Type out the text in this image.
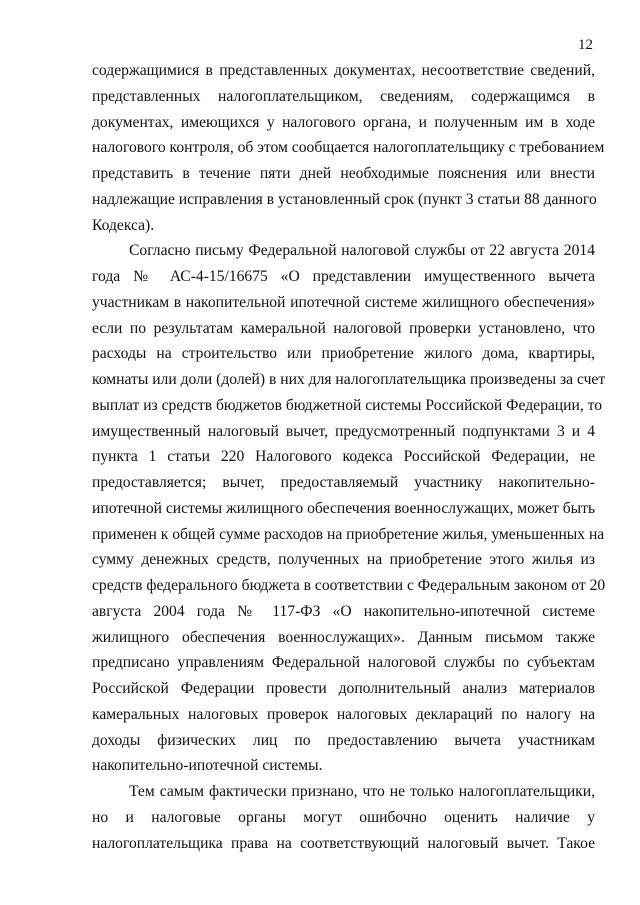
12
содержащимися в представленных документах, несоответствие сведений,
представленных налогоплательщиком, сведениям, содержащимся в
документах, имеющихся у налогового органа, и полученным им в ходе
налогового контроля, об этом сообщается налогоплательщику с требованием
представить в течение пяти дней необходимые пояснения или внести
надлежащие исправления в установленный срок (пункт 3 статьи 88 данного
Кодекса).
Согласно письму Федеральной налоговой службы от 22 августа 2014
года № АС-4-15/16675 «О представлении имущественного вычета
участникам в накопительной ипотечной системе жилищного обеспечения»
если по результатам камеральной налоговой проверки установлено, что
расходы на строительство или приобретение жилого дома, квартиры,
комнаты или доли (долей) в них для налогоплательщика произведены за счет
выплат из средств бюджетов бюджетной системы Российской Федерации, то
имущественный налоговый вычет, предусмотренный подпунктами 3 и 4
пункта 1 статьи 220 Налогового кодекса Российской Федерации, не
предоставляется; вычет, предоставляемый участнику накопительно-
ипотечной системы жилищного обеспечения военнослужащих, может быть
применен к общей сумме расходов на приобретение жилья, уменьшенных на
сумму денежных средств, полученных на приобретение этого жилья из
средств федерального бюджета в соответствии с Федеральным законом от 20
августа 2004 года № 117-ФЗ «О накопительно-ипотечной системе
жилищного обеспечения военнослужащих». Данным письмом также
предписано управлениям Федеральной налоговой службы по субъектам
Российской Федерации провести дополнительный анализ материалов
камеральных налоговых проверок налоговых деклараций по налогу на
доходы физических лиц по предоставлению вычета участникам
накопительно-ипотечной системы.
Тем самым фактически признано, что не только налогоплательщики,
но и налоговые органы могут ошибочно оценить наличие у
налогоплательщика права на соответствующий налоговый вычет. Такое
